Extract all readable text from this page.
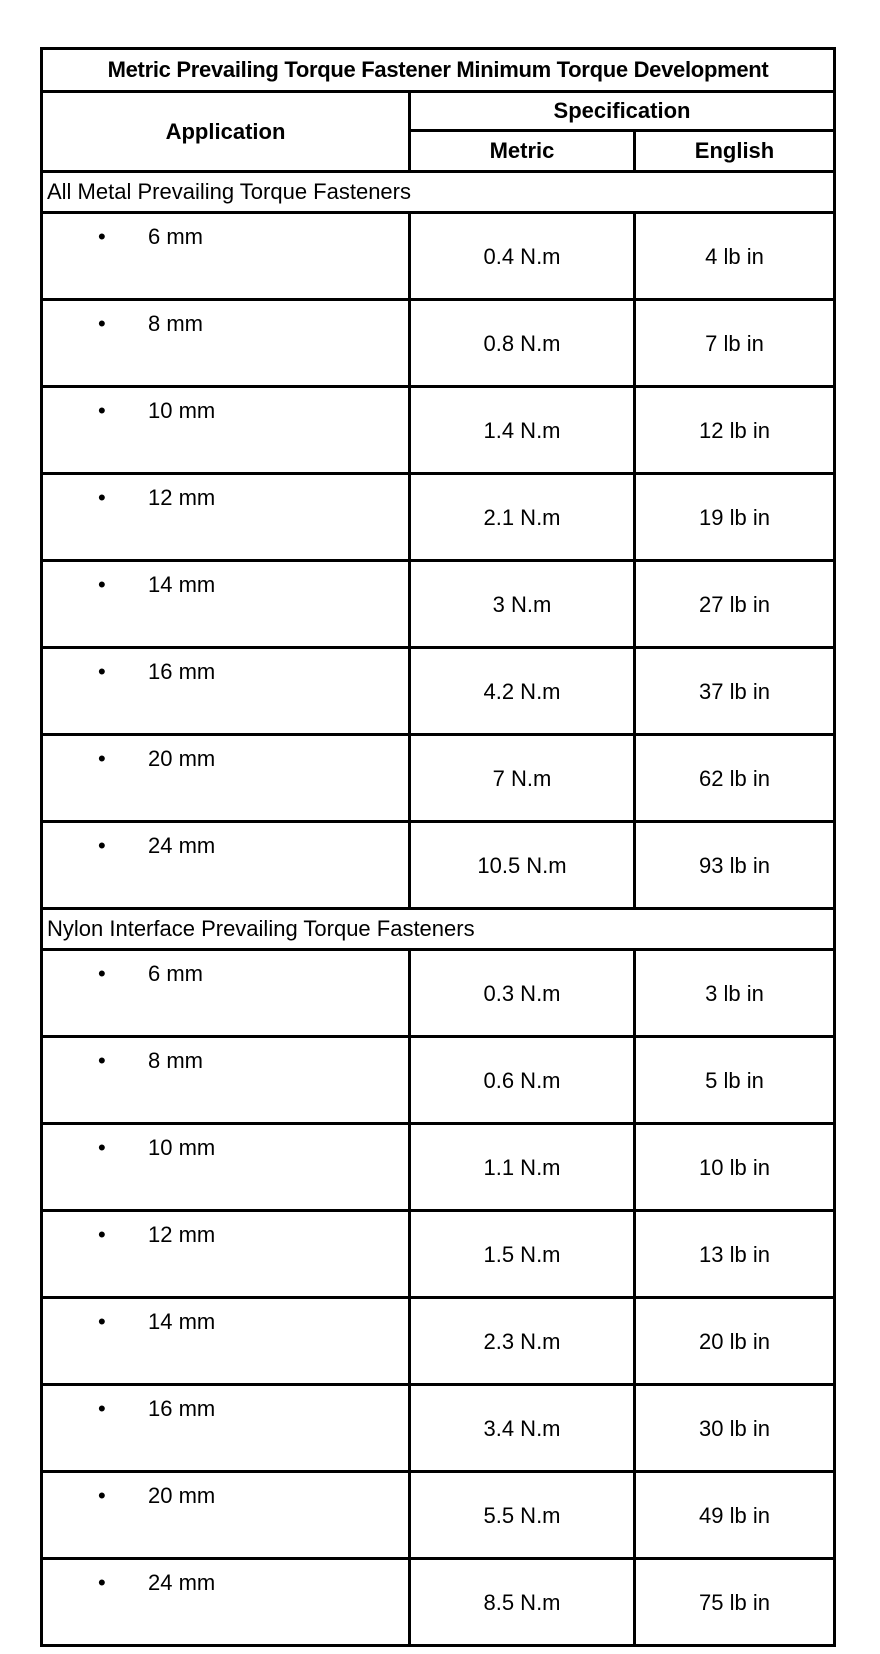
Metric Prevailing Torque Fastener Minimum Torque Development		
Application	Specification	
	Metric	English
All Metal Prevailing Torque Fasteners		

• 6 mm	0.4 N.m	4 lb in

• 8 mm	0.8 N.m	7 lb in

• 10 mm	1.4 N.m	12 lb in

• 12 mm	2.1 N.m	19 lb in

• 14 mm	3 N.m	27 lb in

• 16 mm	4.2 N.m	37 lb in

• 20 mm	7 N.m	62 lb in

• 24 mm	10.5 N.m	93 lb in
Nylon Interface Prevailing Torque Fasteners		

• 6 mm	0.3 N.m	3 lb in

• 8 mm	0.6 N.m	5 lb in

• 10 mm	1.1 N.m	10 lb in

• 12 mm	1.5 N.m	13 lb in

• 14 mm	2.3 N.m	20 lb in

• 16 mm	3.4 N.m	30 lb in

• 20 mm	5.5 N.m	49 lb in

• 24 mm	8.5 N.m	75 lb in
